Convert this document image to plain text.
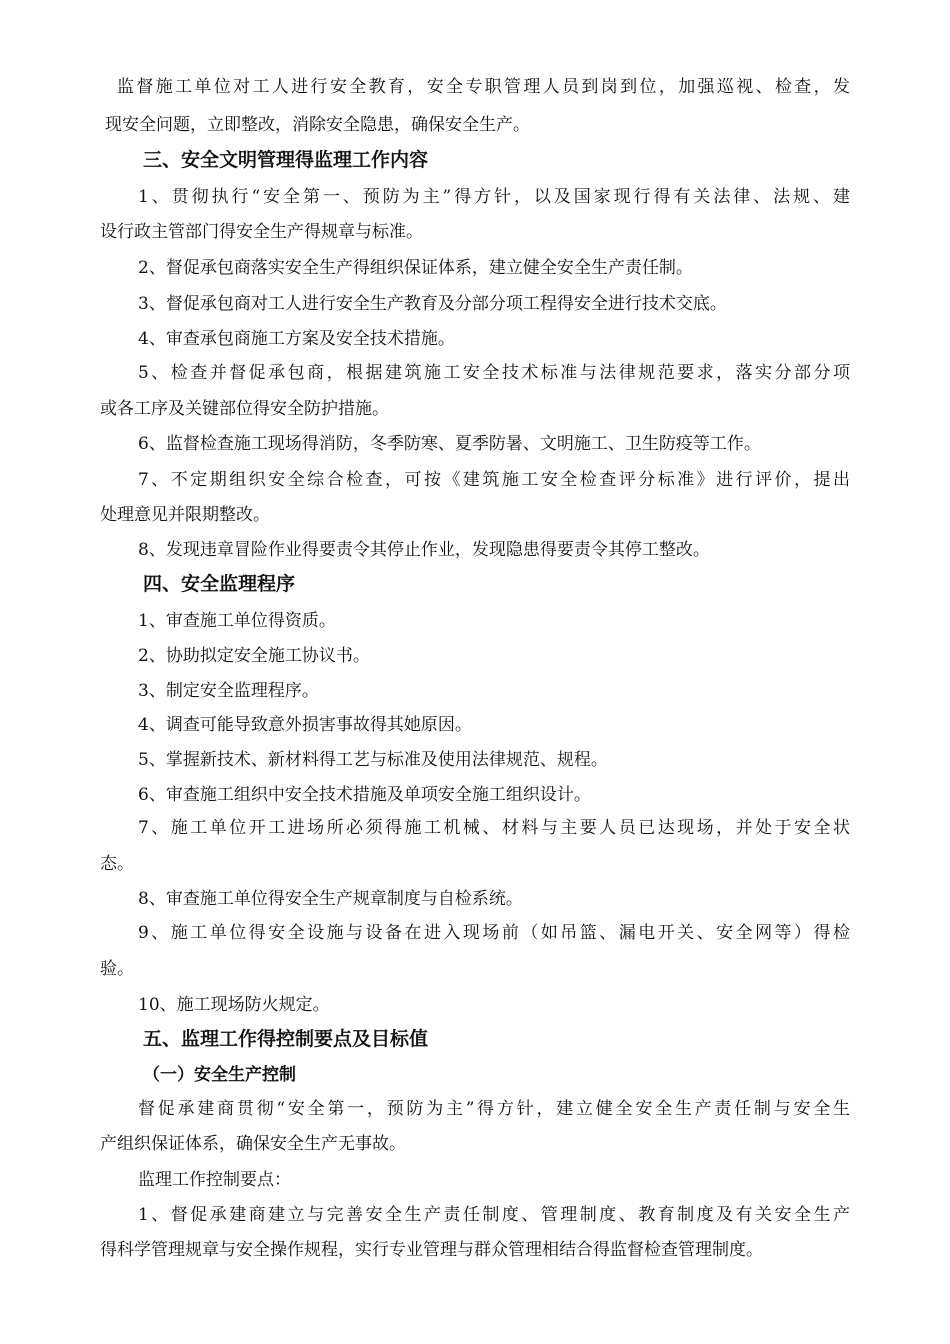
监督施工单位对工人进行安全教育，安全专职管理人员到岗到位，加强巡视、检查，发
现安全问题，立即整改，消除安全隐患，确保安全生产。
三、安全文明管理得监理工作内容
1、贯彻执行“安全第一、预防为主”得方针，以及国家现行得有关法律、法规、建
设行政主管部门得安全生产得规章与标准。
2、督促承包商落实安全生产得组织保证体系，建立健全安全生产责任制。
3、督促承包商对工人进行安全生产教育及分部分项工程得安全进行技术交底。
4、审查承包商施工方案及安全技术措施。
5、检查并督促承包商，根据建筑施工安全技术标准与法律规范要求，落实分部分项
或各工序及关键部位得安全防护措施。
6、监督检查施工现场得消防，冬季防寒、夏季防暑、文明施工、卫生防疫等工作。
7、不定期组织安全综合检查，可按《建筑施工安全检查评分标准》进行评价，提出
处理意见并限期整改。
8、发现违章冒险作业得要责令其停止作业，发现隐患得要责令其停工整改。
四、安全监理程序
1、审查施工单位得资质。
2、协助拟定安全施工协议书。
3、制定安全监理程序。
4、调查可能导致意外损害事故得其她原因。
5、掌握新技术、新材料得工艺与标准及使用法律规范、规程。
6、审查施工组织中安全技术措施及单项安全施工组织设计。
7、施工单位开工进场所必须得施工机械、材料与主要人员已达现场，并处于安全状
态。
8、审查施工单位得安全生产规章制度与自检系统。
9、施工单位得安全设施与设备在进入现场前（如吊篮、漏电开关、安全网等）得检
验。
10、施工现场防火规定。
五、监理工作得控制要点及目标值
（一）安全生产控制
督促承建商贯彻“安全第一，预防为主”得方针，建立健全安全生产责任制与安全生
产组织保证体系，确保安全生产无事故。
监理工作控制要点：
1、督促承建商建立与完善安全生产责任制度、管理制度、教育制度及有关安全生产
得科学管理规章与安全操作规程，实行专业管理与群众管理相结合得监督检查管理制度。
